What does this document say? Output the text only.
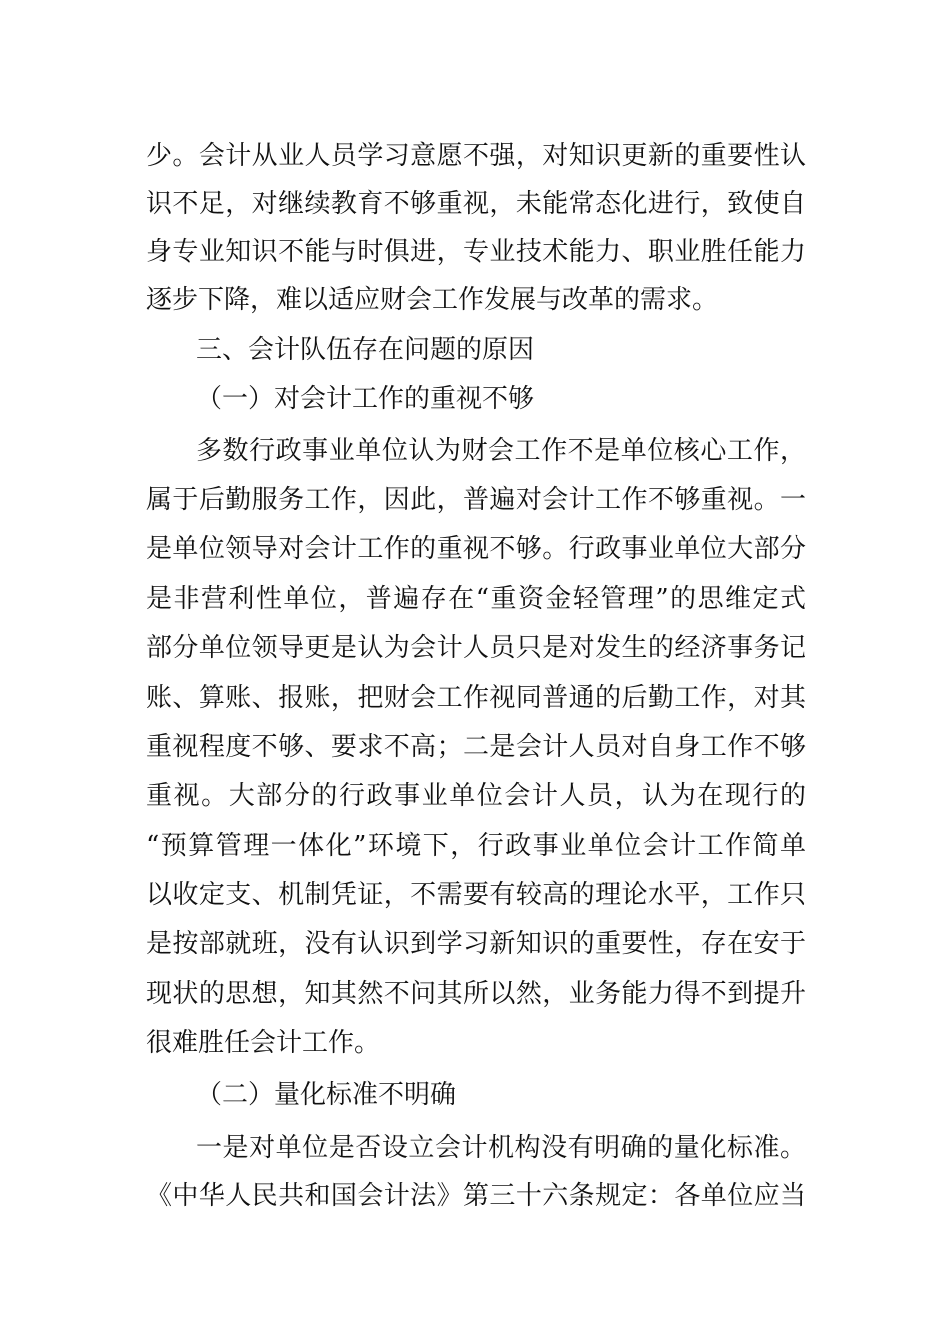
少。会计从业人员学习意愿不强，对知识更新的重要性认
识不足，对继续教育不够重视，未能常态化进行，致使自
身专业知识不能与时俱进，专业技术能力、职业胜任能力
逐步下降，难以适应财会工作发展与改革的需求。
三、会计队伍存在问题的原因
（一）对会计工作的重视不够
多数行政事业单位认为财会工作不是单位核心工作，
属于后勤服务工作，因此，普遍对会计工作不够重视。一
是单位领导对会计工作的重视不够。行政事业单位大部分
是非营利性单位，普遍存在“重资金轻管理”的思维定式
部分单位领导更是认为会计人员只是对发生的经济事务记
账、算账、报账，把财会工作视同普通的后勤工作，对其
重视程度不够、要求不高；二是会计人员对自身工作不够
重视。大部分的行政事业单位会计人员，认为在现行的
“预算管理一体化”环境下，行政事业单位会计工作简单
以收定支、机制凭证，不需要有较高的理论水平，工作只
是按部就班，没有认识到学习新知识的重要性，存在安于
现状的思想，知其然不问其所以然，业务能力得不到提升
很难胜任会计工作。
（二）量化标准不明确
一是对单位是否设立会计机构没有明确的量化标准。
《中华人民共和国会计法》第三十六条规定：各单位应当
